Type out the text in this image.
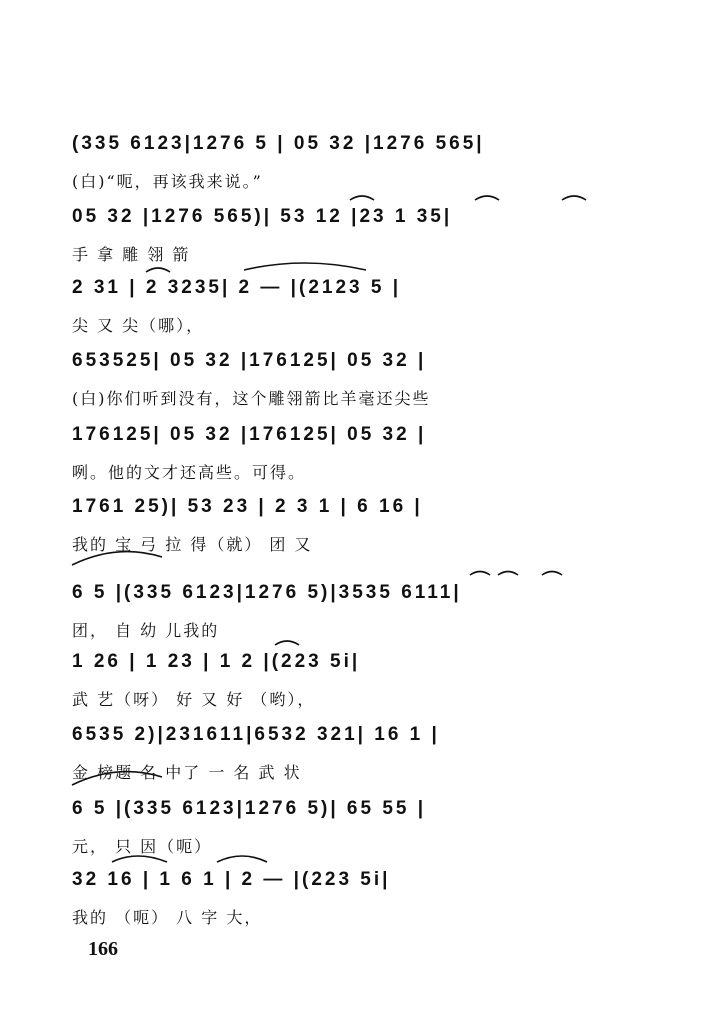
(335 6123|1276 5 | 05 32 |1276 565|
(白)“呃，再该我来说。”
05 32 |1276 565)| 53 12 |23 1 35|
手 拿 雕 翎 箭
2 31 | 2 3235| 2 — |(2123 5 |
尖 又 尖（哪），
653525| 05 32 |176125| 05 32 |
(白)你们听到没有，这个雕翎箭比羊毫还尖些
176125| 05 32 |176125| 05 32 |
咧。他的文才还高些。可得。
1761 25)| 53 23 | 2 3 1 | 6 16 |
我的 宝 弓 拉 得（就） 团 又
6 5 |(335 6123|1276 5)|3535 6111|
团， 自 幼 儿我的
1 26 | 1 23 | 1 2 |(223 5i|
武 艺（呀） 好 又 好 （哟），
6535 2)|231611|6532 321| 16 1 |
金 榜题 名 中了 一 名 武 状
6 5 |(335 6123|1276 5)| 65 55 |
元， 只 因（呃）
32 16 | 1 6 1 | 2 — |(223 5i|
我的 （呃） 八 字 大，
166
